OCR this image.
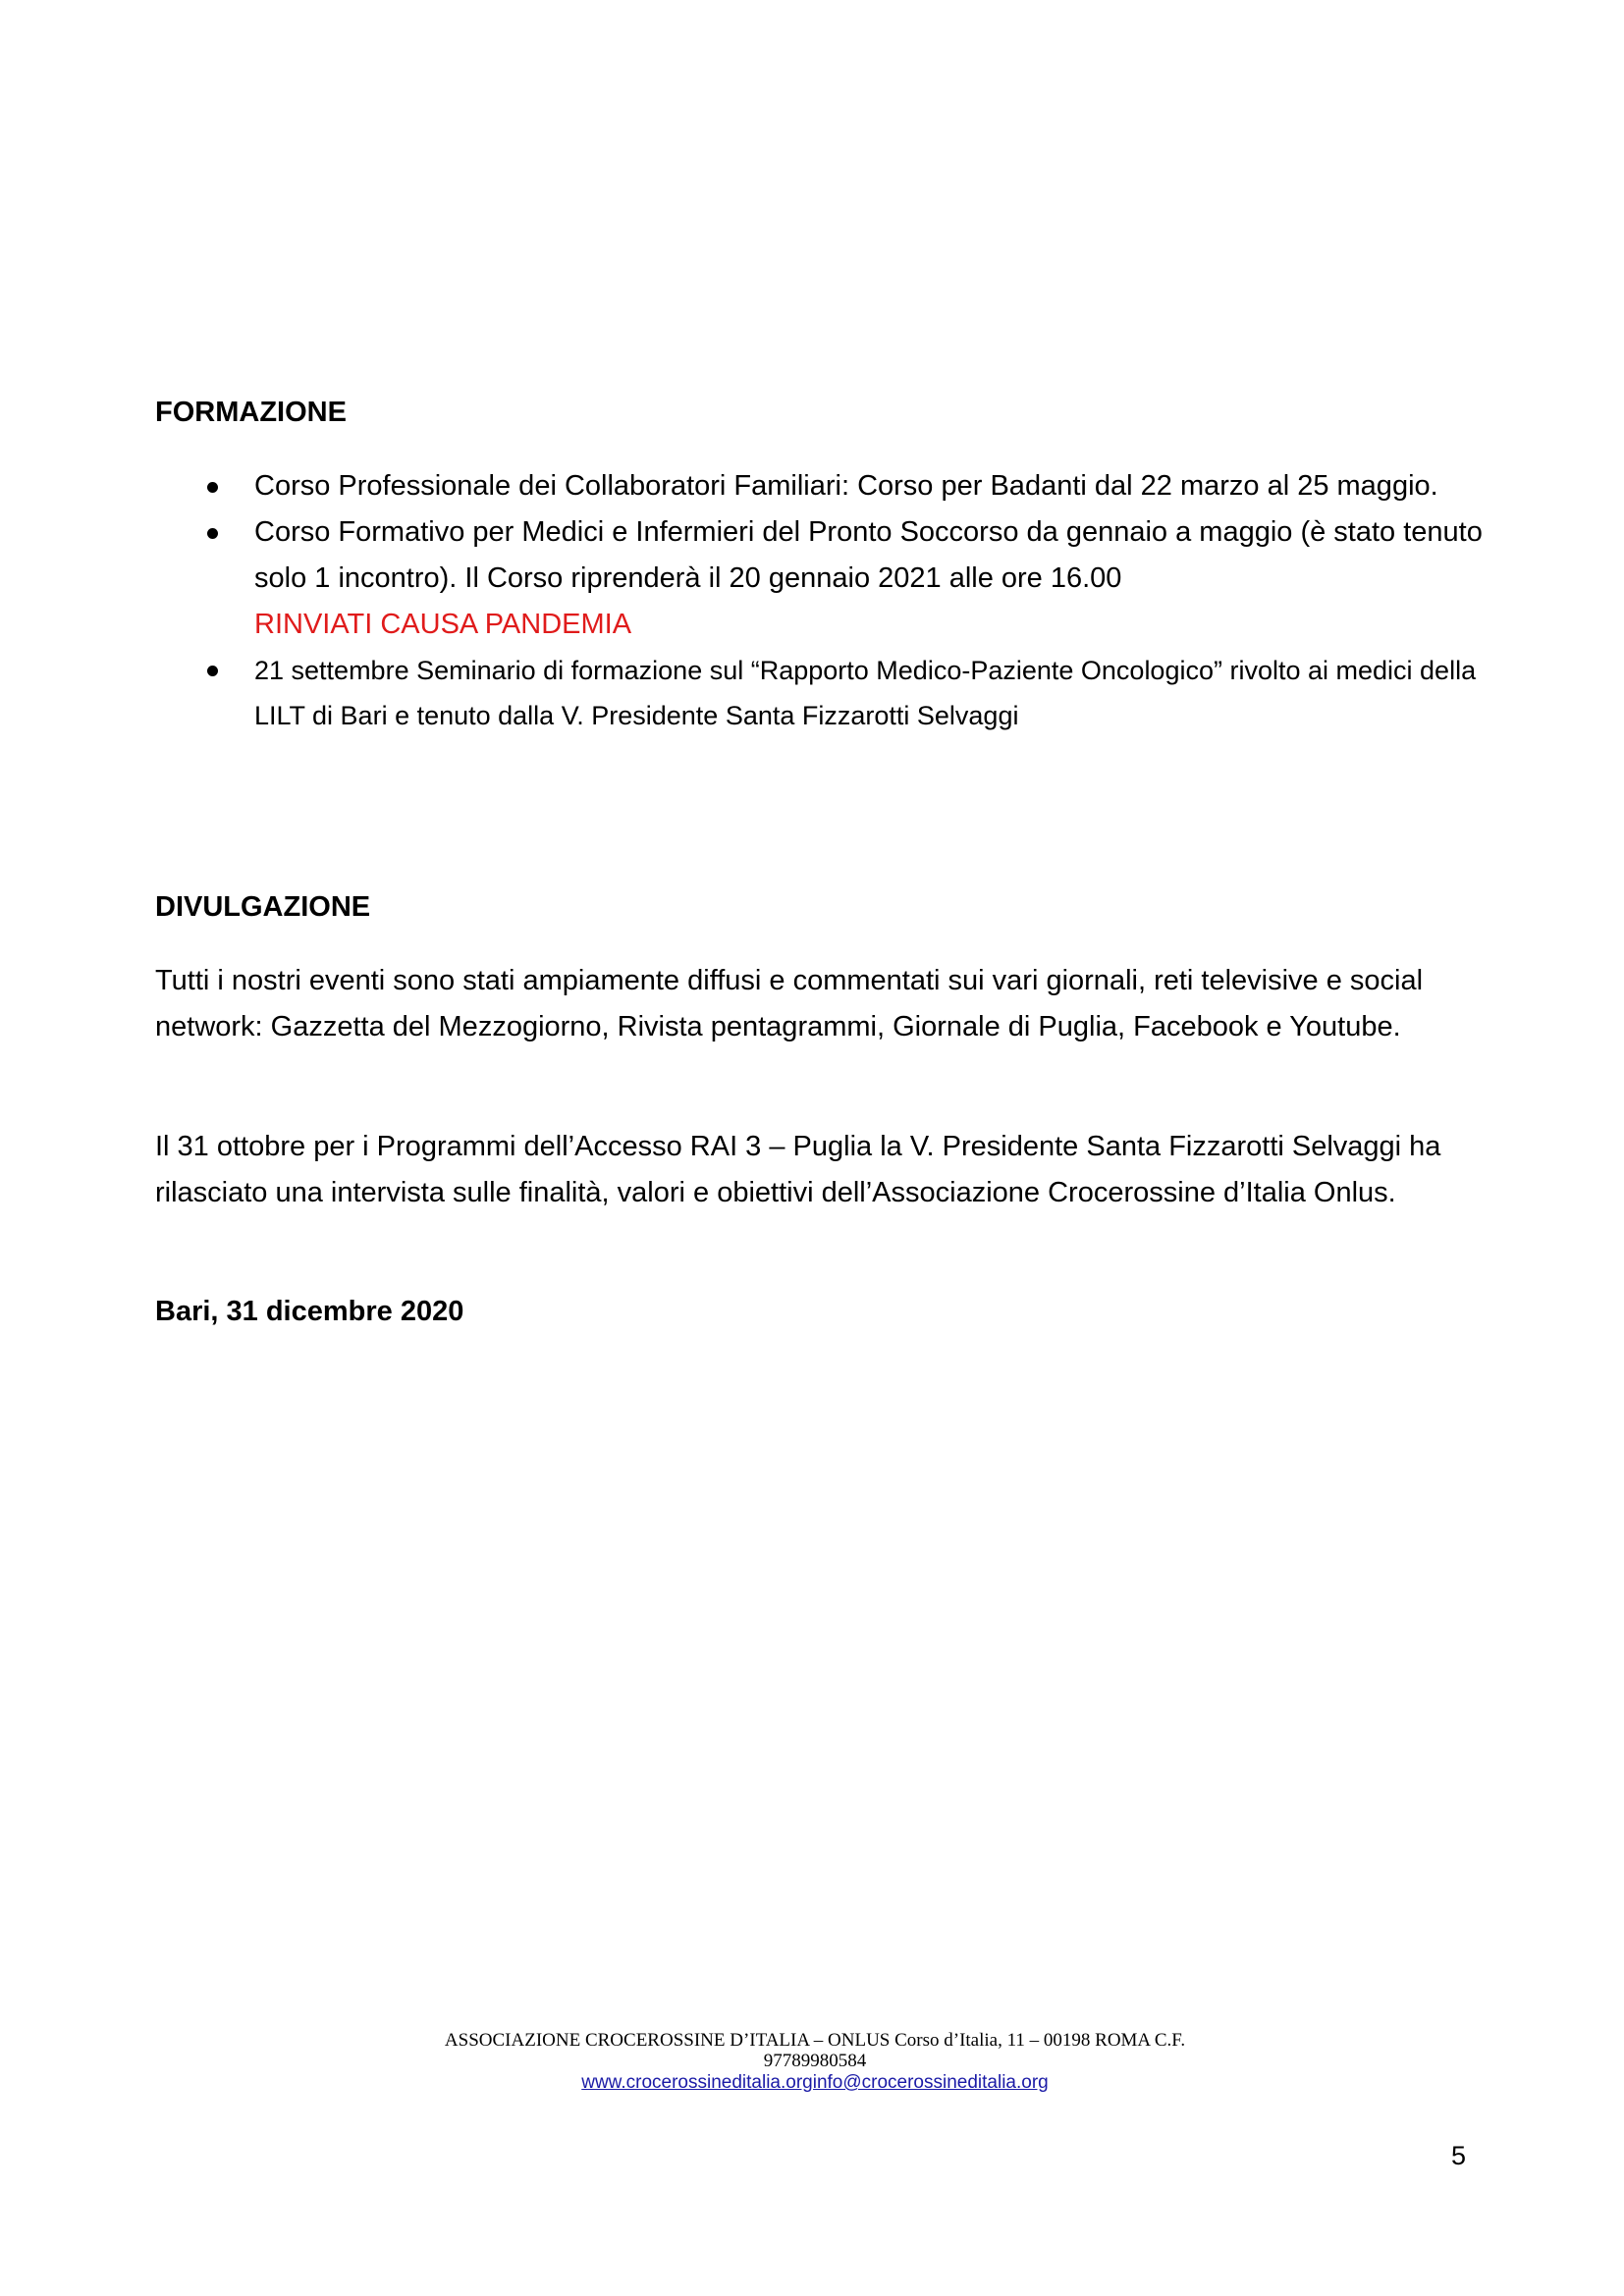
FORMAZIONE
Corso Professionale dei Collaboratori Familiari: Corso per Badanti dal 22 marzo al 25 maggio.
Corso Formativo per Medici e Infermieri del Pronto Soccorso da gennaio a maggio (è stato tenuto solo 1 incontro). Il Corso riprenderà il 20 gennaio 2021 alle ore 16.00
RINVIATI CAUSA PANDEMIA
21 settembre Seminario di formazione sul “Rapporto Medico-Paziente Oncologico” rivolto ai medici della LILT di Bari e tenuto dalla V. Presidente Santa Fizzarotti Selvaggi
DIVULGAZIONE

Tutti i nostri eventi sono stati ampiamente diffusi e commentati sui vari giornali, reti televisive e social network: Gazzetta del Mezzogiorno, Rivista pentagrammi, Giornale di Puglia, Facebook e Youtube.

Il 31 ottobre per i Programmi dell’Accesso RAI 3 – Puglia la V. Presidente Santa Fizzarotti Selvaggi ha rilasciato una intervista sulle finalità, valori e obiettivi dell’Associazione Crocerossine d’Italia Onlus.

Bari, 31 dicembre 2020

ASSOCIAZIONE CROCEROSSINE D’ITALIA – ONLUS Corso d’Italia, 11 – 00198 ROMA C.F.
97789980584
www.crocerossineditalia.orginfo@crocerossineditalia.org
5
